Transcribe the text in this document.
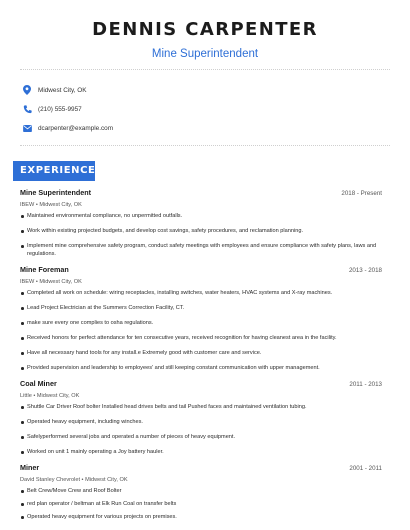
DENNIS CARPENTER
Mine Superintendent
Midwest City, OK
(210) 555-9957
dcarpenter@example.com
EXPERIENCE
Mine Superintendent	2018 - Present
IBEW • Midwest City, OK
Maintained environmental compliance, no unpermitted outfalls.
Work within existing projected budgets, and develop cost savings, safety procedures, and reclamation planning.
Implement mine comprehensive safety program, conduct safety meetings with employees and ensure compliance with safety plans, laws and regulations.
Mine Foreman	2013 - 2018
IBEW • Midwest City, OK
Completed all work on schedule: wiring receptacles, installing switches, water heaters, HVAC systems and X-ray machines.
Lead Project Electrician at the Summers Correction Facility, CT.
make sure every one complies to osha regulations.
Received honors for perfect attendance for ten consecutive years, received recognition for having cleanest area in the facility.
Have all necessary hand tools for any install.e Extremely good with customer care and service.
Provided supervision and leadership to employees' and still keeping constant communication with upper management.
Coal Miner	2011 - 2013
Little • Midwest City, OK
Shuttle Car Driver Roof bolter Installed head drives belts and tail Pushed faces and maintained ventilation tubing.
Operated heavy equipment, including winches.
Safelyperformed several jobs and operated a number of pieces of heavy equipment.
Worked on unit 1 mainly operating a Joy battery hauler.
Miner	2001 - 2011
David Stanley Chevrolet • Midwest City, OK
Belt Crew/Move Crew and Roof Bolter
red plan operator / beltman at Elk Run Coal on transfer belts
Operated heavy equipment for various projects on premises.
